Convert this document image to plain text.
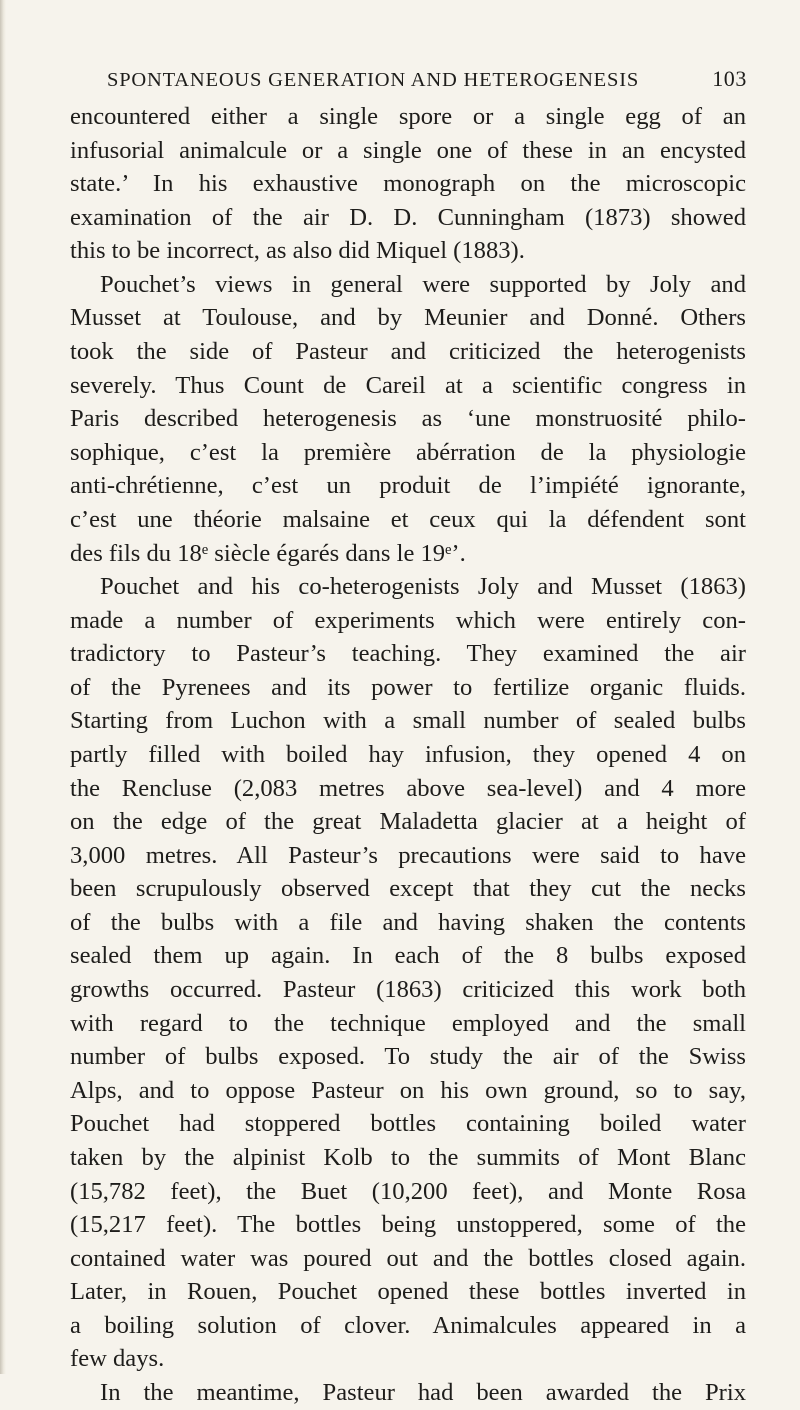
SPONTANEOUS GENERATION AND HETEROGENESIS	103
encountered either a single spore or a single egg of an
infusorial animalcule or a single one of these in an encysted
state.’ In his exhaustive monograph on the microscopic
examination of the air D. D. Cunningham (1873) showed
this to be incorrect, as also did Miquel (1883).
Pouchet’s views in general were supported by Joly and
Musset at Toulouse, and by Meunier and Donné. Others
took the side of Pasteur and criticized the heterogenists
severely. Thus Count de Careil at a scientific congress in
Paris described heterogenesis as ‘une monstruosité philo-
sophique, c’est la première abérration de la physiologie
anti-chrétienne, c’est un produit de l’impiété ignorante,
c’est une théorie malsaine et ceux qui la défendent sont
des fils du 18ᵉ siècle égarés dans le 19ᵉ’.
Pouchet and his co-heterogenists Joly and Musset (1863)
made a number of experiments which were entirely con-
tradictory to Pasteur’s teaching. They examined the air
of the Pyrenees and its power to fertilize organic fluids.
Starting from Luchon with a small number of sealed bulbs
partly filled with boiled hay infusion, they opened 4 on
the Rencluse (2,083 metres above sea-level) and 4 more
on the edge of the great Maladetta glacier at a height of
3,000 metres. All Pasteur’s precautions were said to have
been scrupulously observed except that they cut the necks
of the bulbs with a file and having shaken the contents
sealed them up again. In each of the 8 bulbs exposed
growths occurred. Pasteur (1863) criticized this work both
with regard to the technique employed and the small
number of bulbs exposed. To study the air of the Swiss
Alps, and to oppose Pasteur on his own ground, so to say,
Pouchet had stoppered bottles containing boiled water
taken by the alpinist Kolb to the summits of Mont Blanc
(15,782 feet), the Buet (10,200 feet), and Monte Rosa
(15,217 feet). The bottles being unstoppered, some of the
contained water was poured out and the bottles closed again.
Later, in Rouen, Pouchet opened these bottles inverted in
a boiling solution of clover. Animalcules appeared in a
few days.
In the meantime, Pasteur had been awarded the Prix
